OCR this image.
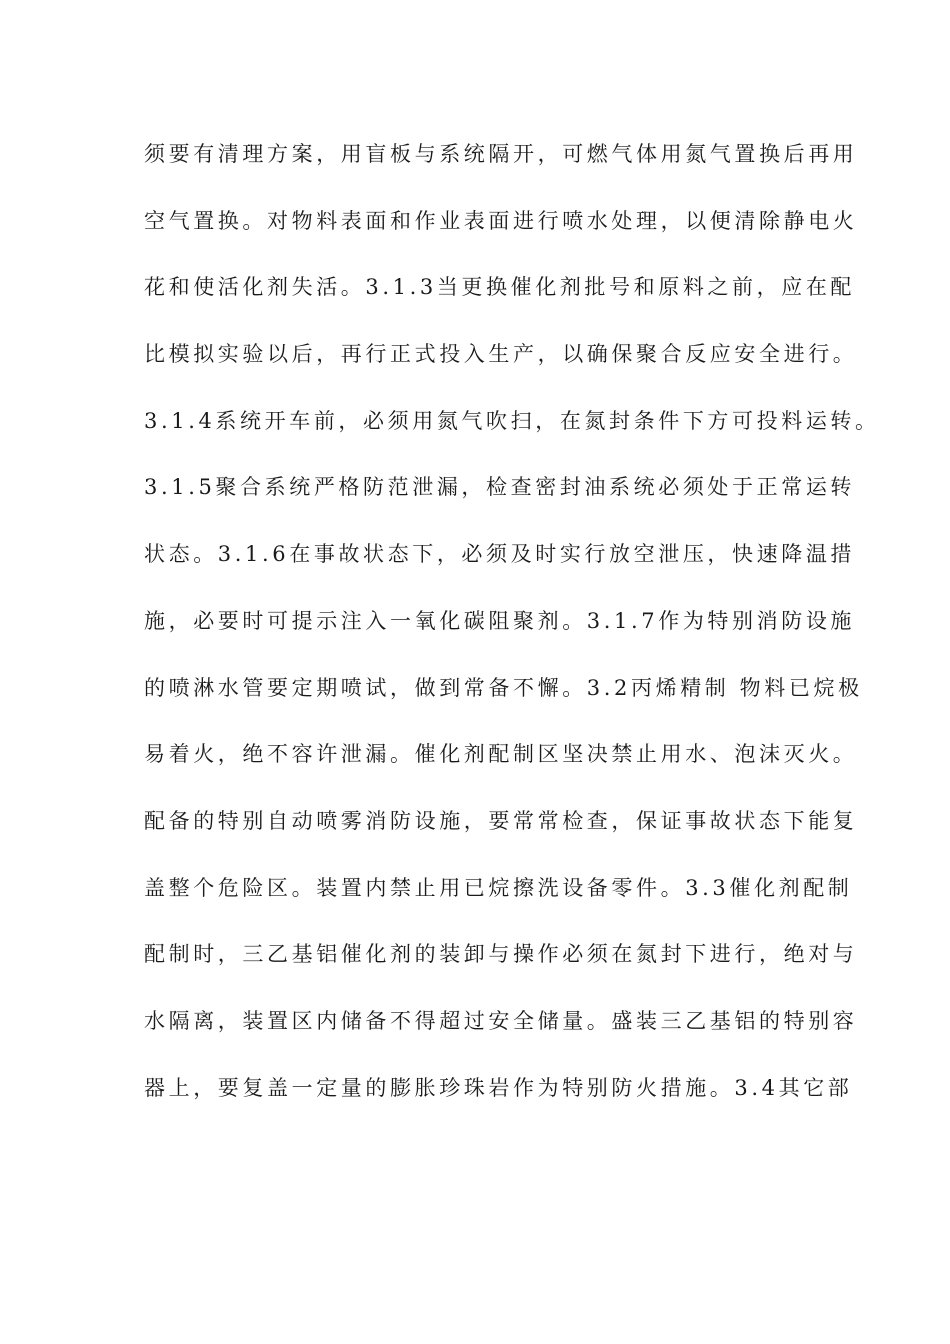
须要有清理方案，用盲板与系统隔开，可燃气体用氮气置换后再用
空气置换。对物料表面和作业表面进行喷水处理，以便清除静电火
花和使活化剂失活。3.1.3当更换催化剂批号和原料之前，应在配
比模拟实验以后，再行正式投入生产，以确保聚合反应安全进行。
3.1.4系统开车前，必须用氮气吹扫，在氮封条件下方可投料运转。
3.1.5聚合系统严格防范泄漏，检查密封油系统必须处于正常运转
状态。3.1.6在事故状态下，必须及时实行放空泄压，快速降温措
施，必要时可提示注入一氧化碳阻聚剂。3.1.7作为特别消防设施
的喷淋水管要定期喷试，做到常备不懈。3.2丙烯精制 物料已烷极
易着火，绝不容许泄漏。催化剂配制区坚决禁止用水、泡沫灭火。
配备的特别自动喷雾消防设施，要常常检查，保证事故状态下能复
盖整个危险区。装置内禁止用已烷擦洗设备零件。3.3催化剂配制
配制时，三乙基铝催化剂的装卸与操作必须在氮封下进行，绝对与
水隔离，装置区内储备不得超过安全储量。盛装三乙基铝的特别容
器上，要复盖一定量的膨胀珍珠岩作为特别防火措施。3.4其它部
